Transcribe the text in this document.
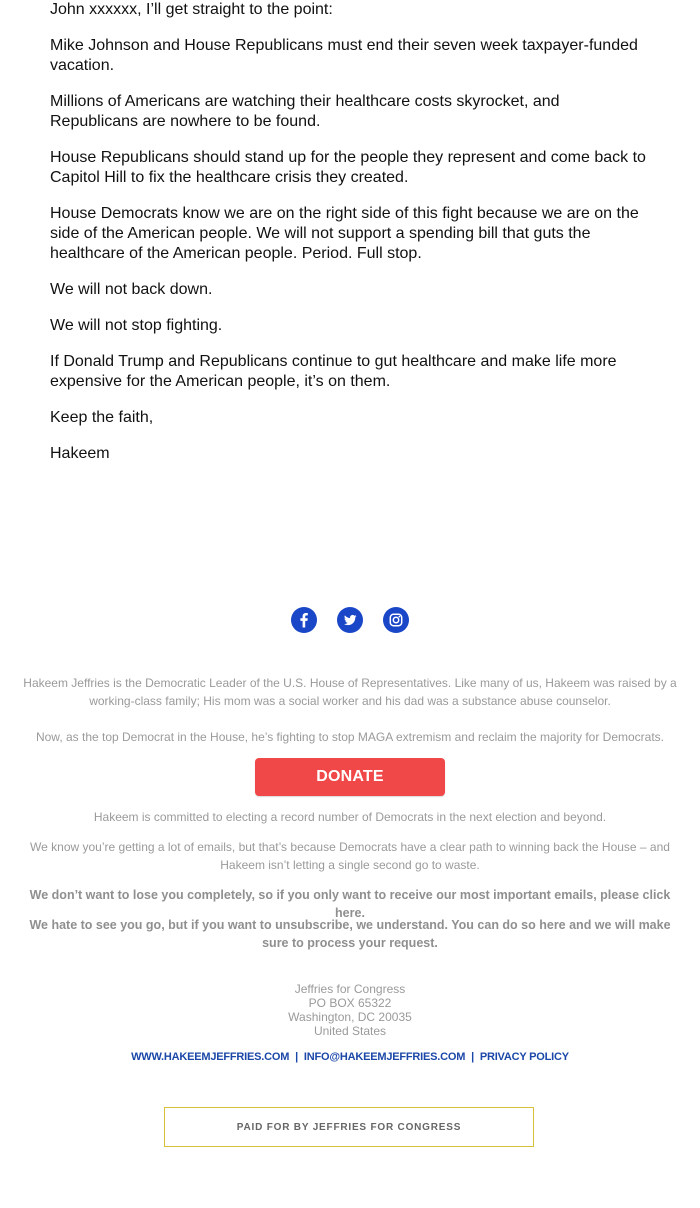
John xxxxxx, I’ll get straight to the point:

Mike Johnson and House Republicans must end their seven week taxpayer-funded vacation.

Millions of Americans are watching their healthcare costs skyrocket, and Republicans are nowhere to be found.

House Republicans should stand up for the people they represent and come back to Capitol Hill to fix the healthcare crisis they created.

House Democrats know we are on the right side of this fight because we are on the side of the American people. We will not support a spending bill that guts the healthcare of the American people. Period. Full stop.

We will not back down.

We will not stop fighting.

If Donald Trump and Republicans continue to gut healthcare and make life more expensive for the American people, it’s on them.

Keep the faith,

Hakeem

Hakeem Jeffries is the Democratic Leader of the U.S. House of Representatives. Like many of us, Hakeem was raised by a working-class family; His mom was a social worker and his dad was a substance abuse counselor.
Now, as the top Democrat in the House, he’s fighting to stop MAGA extremism and reclaim the majority for Democrats.
DONATE
Hakeem is committed to electing a record number of Democrats in the next election and beyond.
We know you’re getting a lot of emails, but that’s because Democrats have a clear path to winning back the House – and Hakeem isn’t letting a single second go to waste.
We don’t want to lose you completely, so if you only want to receive our most important emails, please click here.
We hate to see you go, but if you want to unsubscribe, we understand. You can do so here and we will make sure to process your request.
Jeffries for Congress
PO BOX 65322
Washington, DC 20035
United States
WWW.HAKEEMJEFFRIES.COM | INFO@HAKEEMJEFFRIES.COM | PRIVACY POLICY
PAID FOR BY JEFFRIES FOR CONGRESS
